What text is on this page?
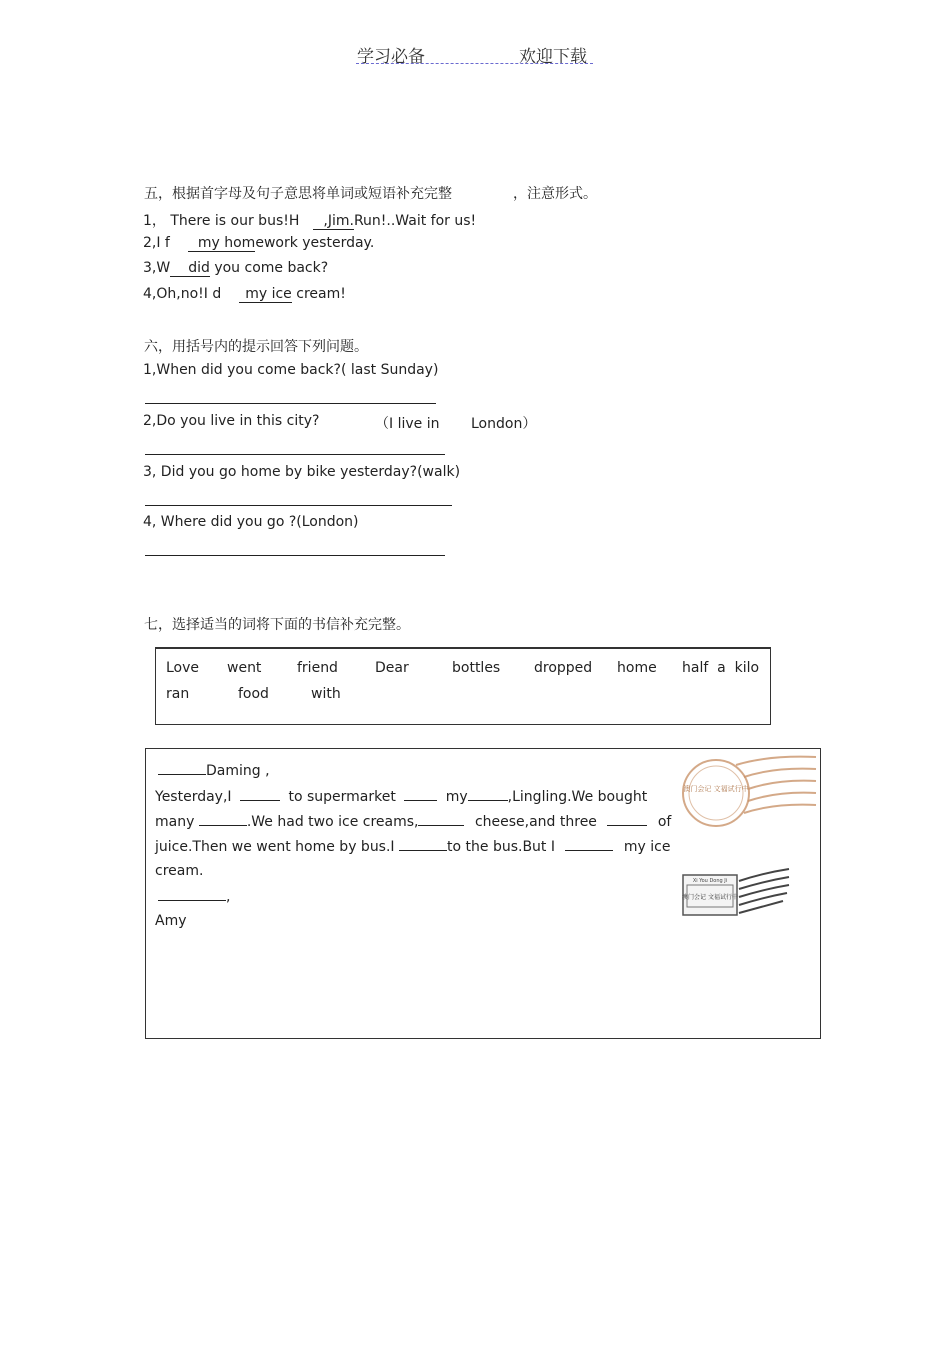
学习必备	欢迎下载
五，根据首字母及句子意思将单词或短语补充完整	，注意形式。
1， There is our bus!H ,Jim.Run!..Wait for us!
2,I f my homework yesterday.
3,W did you come back?
4,Oh,no!I d my ice cream!
六，用括号内的提示回答下列问题。
1,When did you come back?( last Sunday)
2,Do you live in this city?	（I live in London）
3, Did you go home by bike yesterday?(walk)
4, Where did you go ?(London)
七，选择适当的词将下面的书信补充完整。
Love went	friend	Dear	bottles dropped home half  a  kilo
ran	food	with
Daming ,
Yesterday,I	to supermarket	my	,Lingling.We bought
many	.We had two ice creams,	cheese,and three	of
juice.Then we went home by bus.I	to the bus.But I	my ice
cream.
,
Amy
澳门会记 文福试行中
Xi You Dong Ji
澳门会记 文福试行中
